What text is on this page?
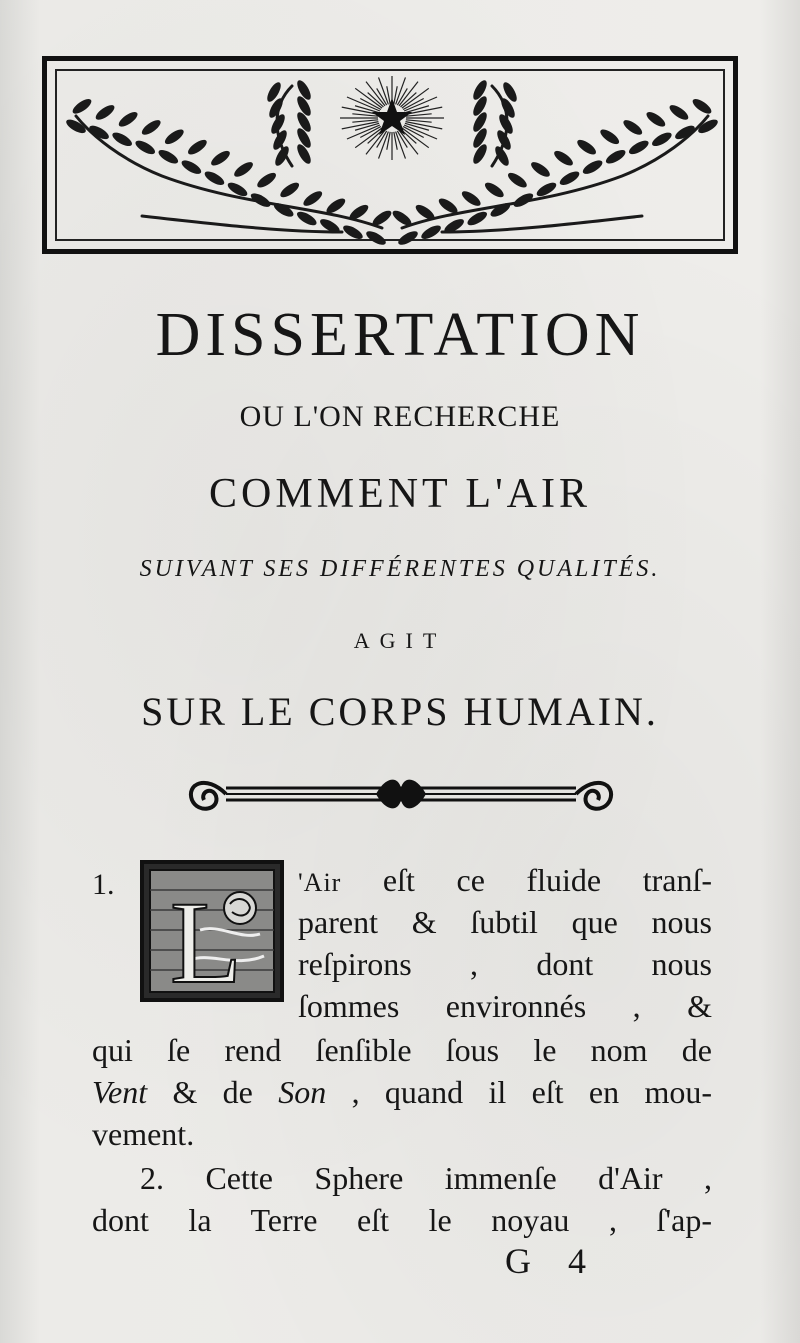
DISSERTATION
OU L'ON RECHERCHE
COMMENT L'AIR
SUIVANT SES DIFFÉRENTES QUALITÉS.
AGIT
SUR LE CORPS HUMAIN.
1. L 'Air eſt ce fluide tranſ-
parent & ſubtil que nous
reſpirons , dont nous
ſommes environnés , &
qui ſe rend ſenſible ſous le nom de
Vent & de Son , quand il eſt en mou-
vement.
2. Cette Sphere immenſe d'Air ,
dont la Terre eſt le noyau , ſ'ap-
G 4
